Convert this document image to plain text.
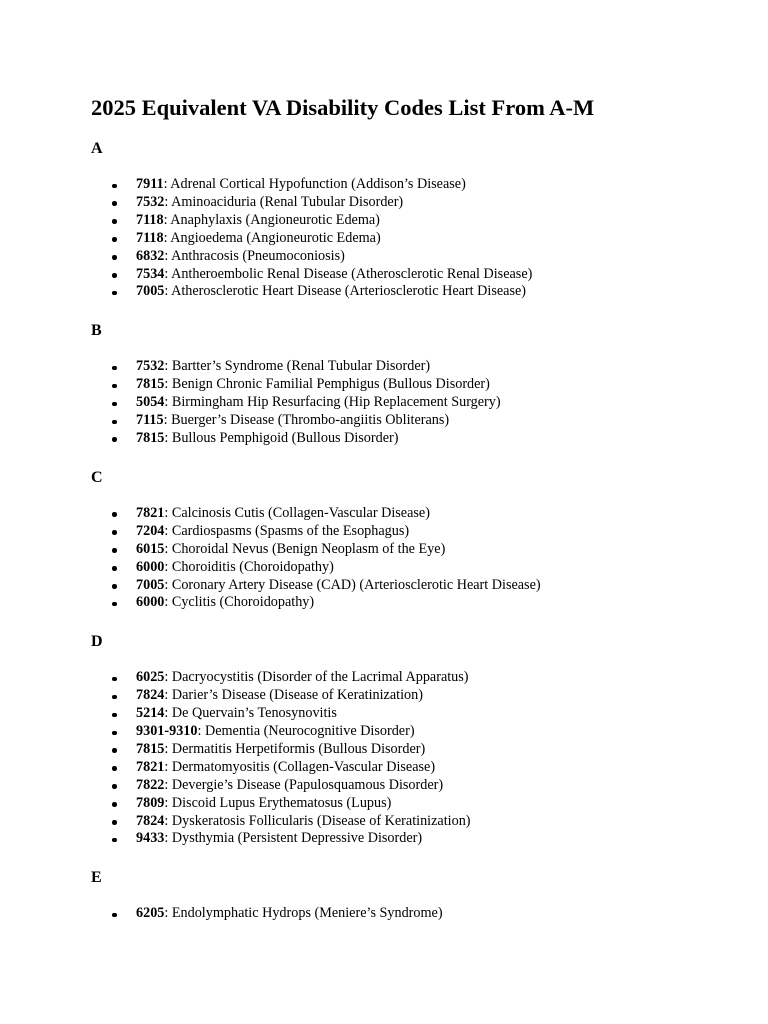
2025 Equivalent VA Disability Codes List From A-M

A

7911: Adrenal Cortical Hypofunction (Addison’s Disease)
7532: Aminoaciduria (Renal Tubular Disorder)
7118: Anaphylaxis (Angioneurotic Edema)
7118: Angioedema (Angioneurotic Edema)
6832: Anthracosis (Pneumoconiosis)
7534: Antheroembolic Renal Disease (Atherosclerotic Renal Disease)
7005: Atherosclerotic Heart Disease (Arteriosclerotic Heart Disease)

B

7532: Bartter’s Syndrome (Renal Tubular Disorder)
7815: Benign Chronic Familial Pemphigus (Bullous Disorder)
5054: Birmingham Hip Resurfacing (Hip Replacement Surgery)
7115: Buerger’s Disease (Thrombo-angiitis Obliterans)
7815: Bullous Pemphigoid (Bullous Disorder)

C

7821: Calcinosis Cutis (Collagen-Vascular Disease)
7204: Cardiospasms (Spasms of the Esophagus)
6015: Choroidal Nevus (Benign Neoplasm of the Eye)
6000: Choroiditis (Choroidopathy)
7005: Coronary Artery Disease (CAD) (Arteriosclerotic Heart Disease)
6000: Cyclitis (Choroidopathy)

D

6025: Dacryocystitis (Disorder of the Lacrimal Apparatus)
7824: Darier’s Disease (Disease of Keratinization)
5214: De Quervain’s Tenosynovitis
9301-9310: Dementia (Neurocognitive Disorder)
7815: Dermatitis Herpetiformis (Bullous Disorder)
7821: Dermatomyositis (Collagen-Vascular Disease)
7822: Devergie’s Disease (Papulosquamous Disorder)
7809: Discoid Lupus Erythematosus (Lupus)
7824: Dyskeratosis Follicularis (Disease of Keratinization)
9433: Dysthymia (Persistent Depressive Disorder)

E

6205: Endolymphatic Hydrops (Meniere’s Syndrome)
